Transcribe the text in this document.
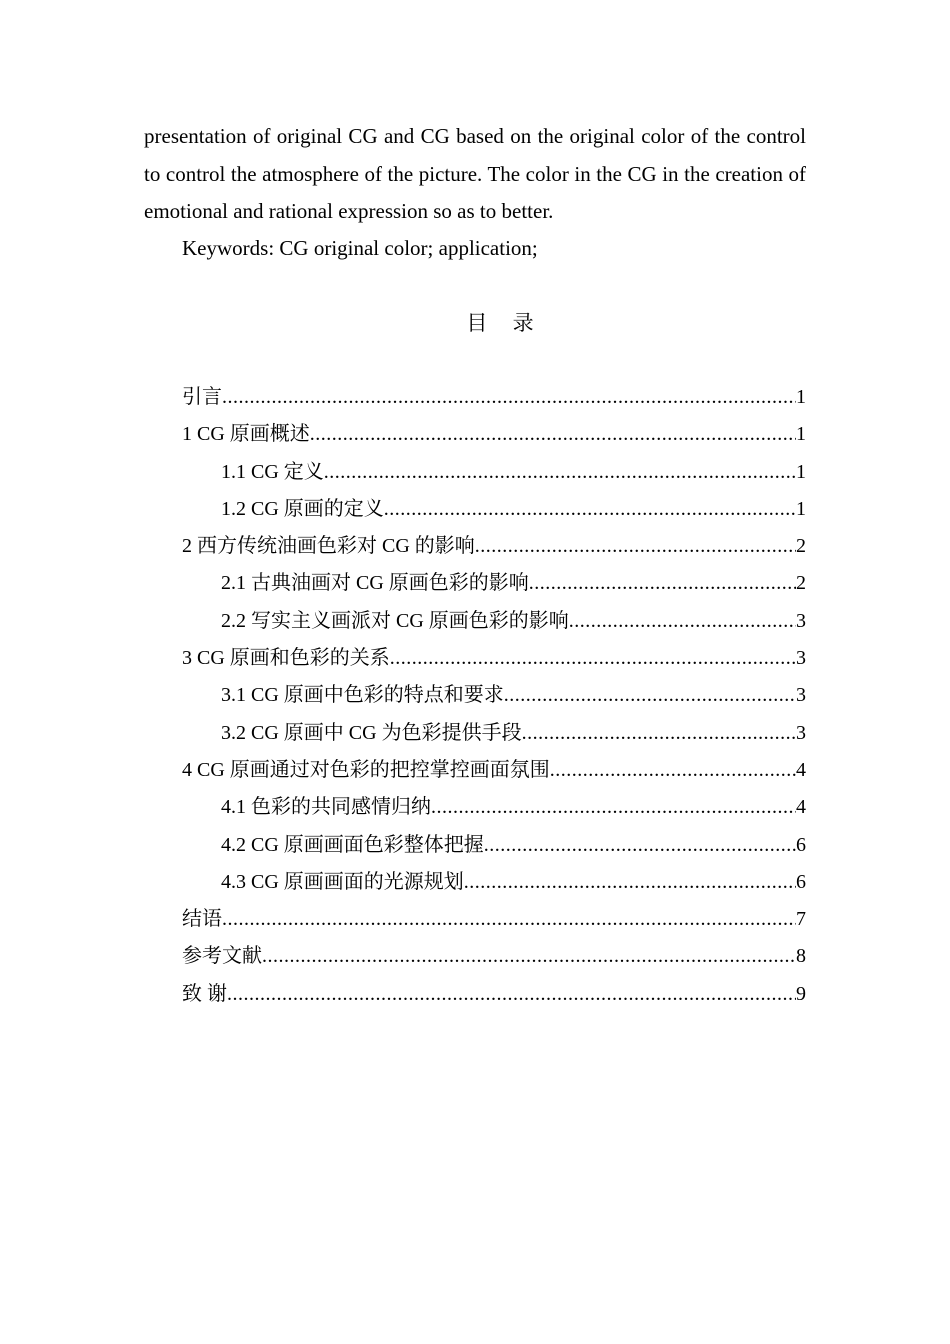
presentation of original CG and CG based on the original color of the control to control the atmosphere of the picture. The color in the CG in the creation of emotional and rational expression so as to better.

Keywords: CG original color; application;

目 录
引言 .....	1
1 CG 原画概述 .....	1
1.1 CG 定义 .....	1
1.2 CG 原画的定义 .....	1
2 西方传统油画色彩对 CG 的影响 .....	2
2.1 古典油画对 CG 原画色彩的影响 .....	2
2.2 写实主义画派对 CG 原画色彩的影响 .....	3
3 CG 原画和色彩的关系 .....	3
3.1 CG 原画中色彩的特点和要求 .....	3
3.2 CG 原画中 CG 为色彩提供手段 .....	3
4 CG 原画通过对色彩的把控掌控画面氛围 .....	4
4.1 色彩的共同感情归纳 .....	4
4.2 CG 原画画面色彩整体把握 .....	6
4.3 CG 原画画面的光源规划 .....	6
结语 .....	7
参考文献 .....	8
致 谢 .....	9
